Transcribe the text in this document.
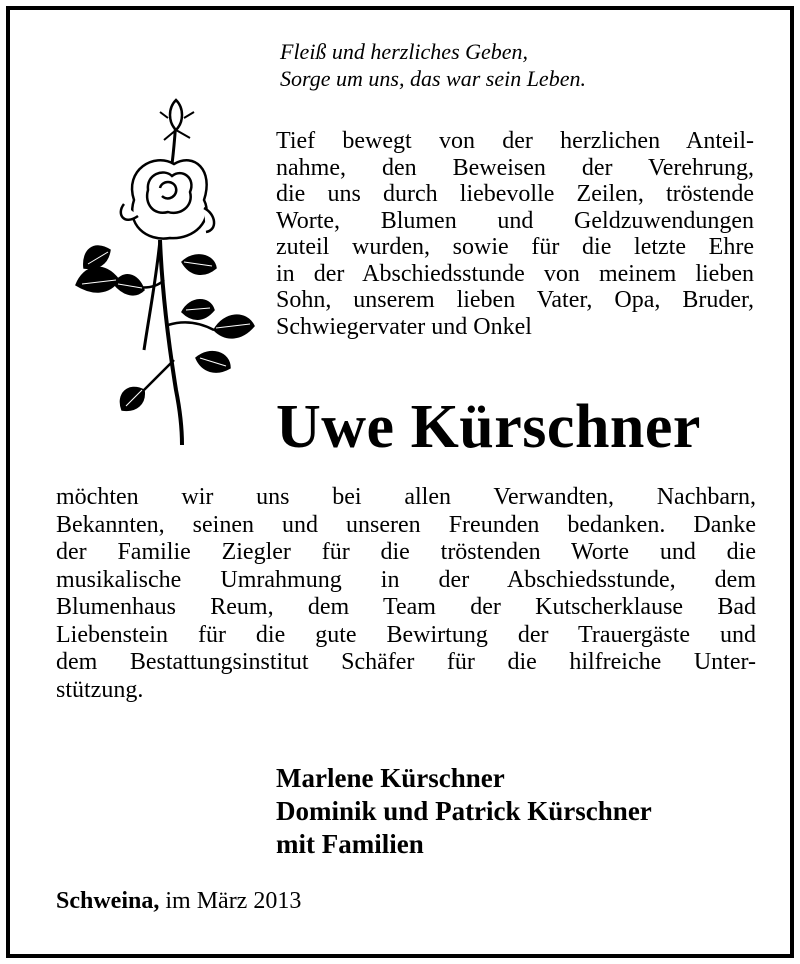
Fleiß und herzliches Geben,
Sorge um uns, das war sein Leben.
Tief bewegt von der herzlichen Anteil-
nahme, den Beweisen der Verehrung,
die uns durch liebevolle Zeilen, tröstende
Worte, Blumen und Geldzuwendungen
zuteil wurden, sowie für die letzte Ehre
in der Abschiedsstunde von meinem lieben
Sohn, unserem lieben Vater, Opa, Bruder,
Schwiegervater und Onkel
Uwe Kürschner
möchten wir uns bei allen Verwandten, Nachbarn,
Bekannten, seinen und unseren Freunden bedanken. Danke
der Familie Ziegler für die tröstenden Worte und die
musikalische Umrahmung in der Abschiedsstunde, dem
Blumenhaus Reum, dem Team der Kutscherklause Bad
Liebenstein für die gute Bewirtung der Trauergäste und
dem Bestattungsinstitut Schäfer für die hilfreiche Unter-
stützung.
Marlene Kürschner
Dominik und Patrick Kürschner
mit Familien
Schweina, im März 2013
